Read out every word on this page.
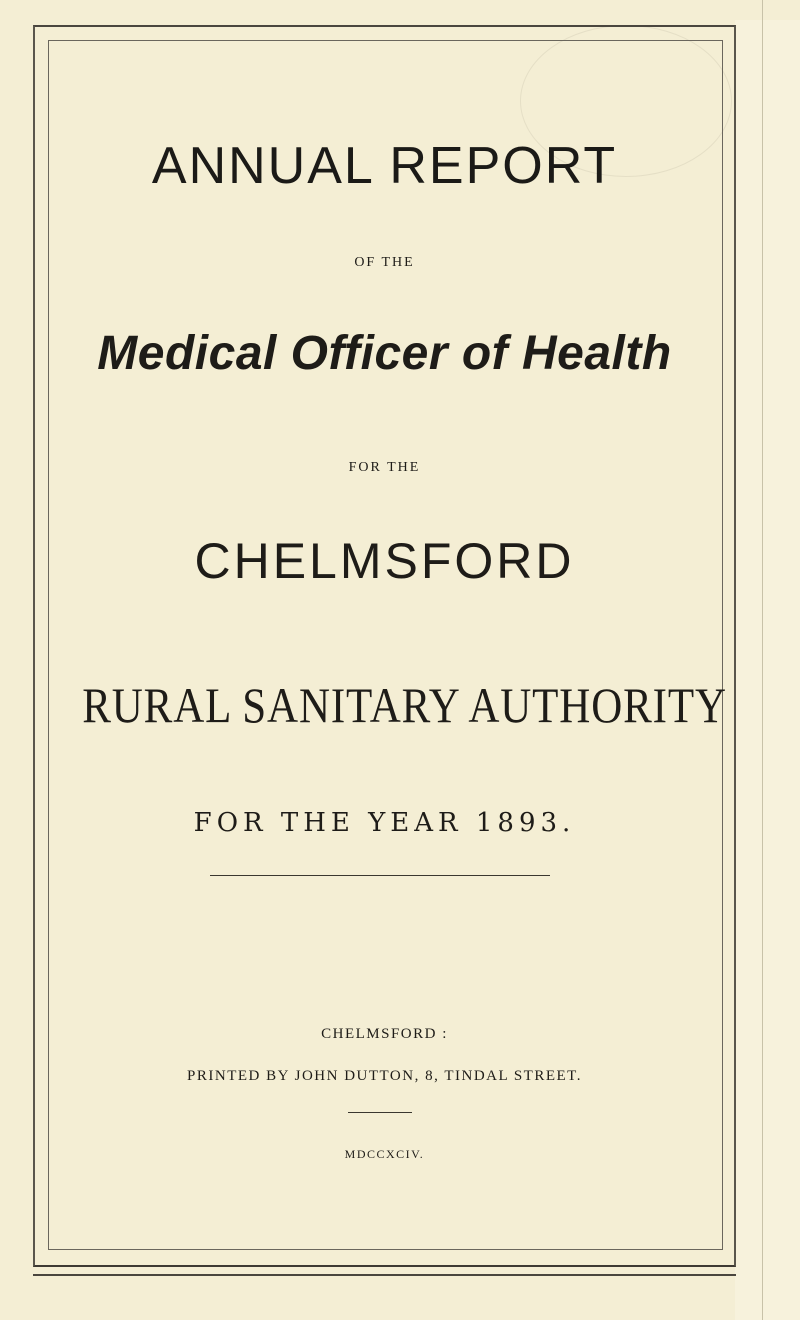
ANNUAL REPORT
OF THE
Medical Officer of Health
FOR THE
CHELMSFORD
RURAL SANITARY AUTHORITY
FOR THE YEAR 1893.
CHELMSFORD :
PRINTED BY JOHN DUTTON, 8, TINDAL STREET.
MDCCXCIV.
